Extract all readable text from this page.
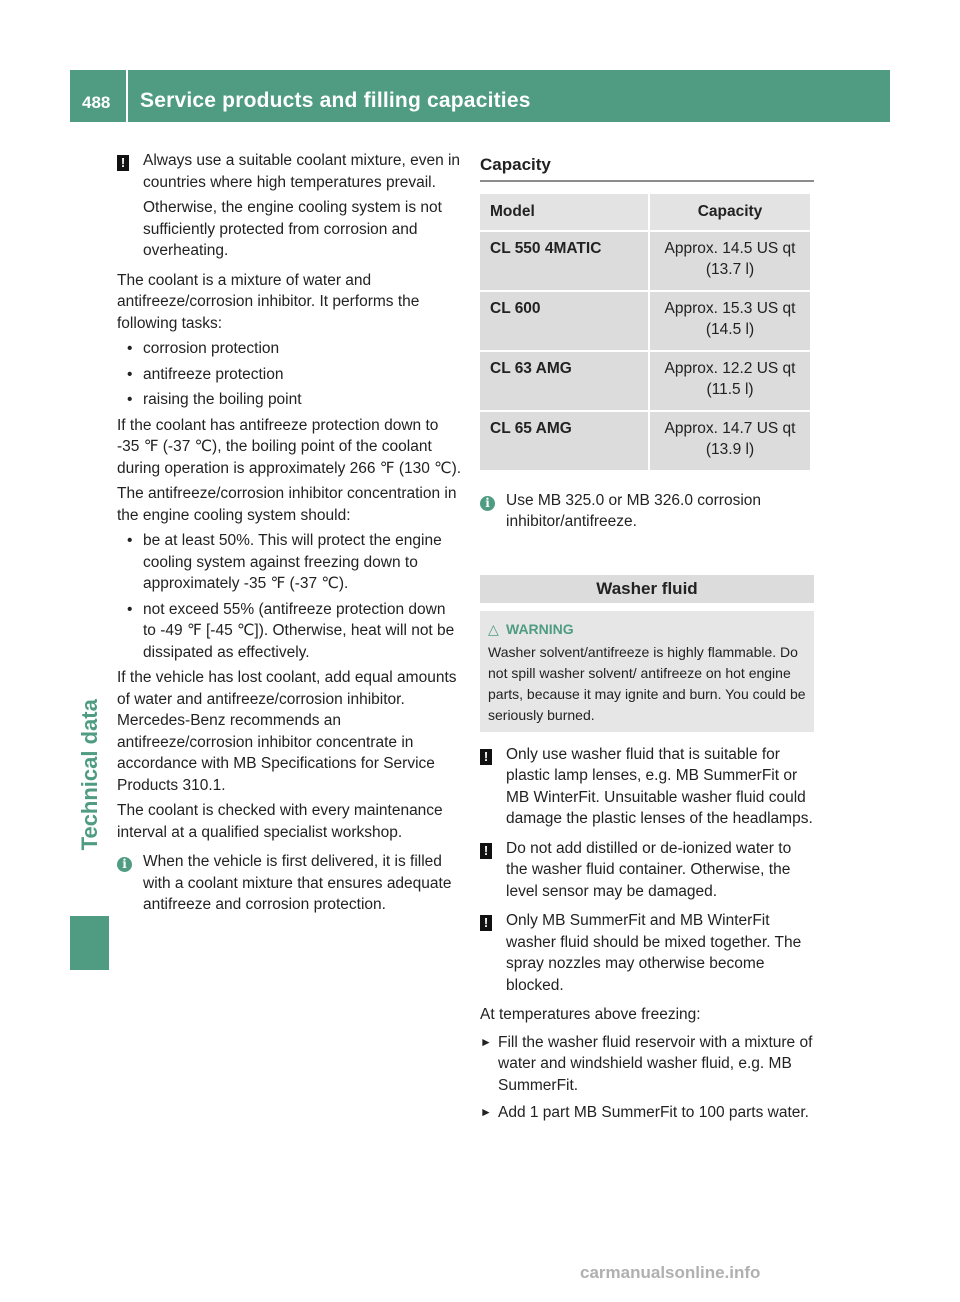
488 Service products and filling capacities
Technical data
! Always use a suitable coolant mixture, even in countries where high temperatures prevail.

Otherwise, the engine cooling system is not sufficiently protected from corrosion and overheating.

The coolant is a mixture of water and antifreeze/corrosion inhibitor. It performs the following tasks:

• corrosion protection
• antifreeze protection
• raising the boiling point

If the coolant has antifreeze protection down to -35 ℉ (-37 ℃), the boiling point of the coolant during operation is approximately 266 ℉ (130 ℃).

The antifreeze/corrosion inhibitor concentration in the engine cooling system should:

• be at least 50%. This will protect the engine cooling system against freezing down to approximately -35 ℉ (-37 ℃).
• not exceed 55% (antifreeze protection down to -49 ℉ [-45 ℃]). Otherwise, heat will not be dissipated as effectively.

If the vehicle has lost coolant, add equal amounts of water and antifreeze/corrosion inhibitor. Mercedes-Benz recommends an antifreeze/corrosion inhibitor concentrate in accordance with MB Specifications for Service Products 310.1.

The coolant is checked with every maintenance interval at a qualified specialist workshop.

i	When the vehicle is first delivered, it is filled with a coolant mixture that ensures adequate antifreeze and corrosion protection.

Capacity
Model	Capacity
CL 550 4MATIC	Approx. 14.5 US qt (13.7 l)
CL 600	Approx. 15.3 US qt (14.5 l)
CL 63 AMG	Approx. 12.2 US qt (11.5 l)
CL 65 AMG	Approx. 14.7 US qt (13.9 l)
i	Use MB 325.0 or MB 326.0 corrosion inhibitor/antifreeze.

Washer fluid
△ WARNING
Washer solvent/antifreeze is highly flammable. Do not spill washer solvent/ antifreeze on hot engine parts, because it may ignite and burn. You could be seriously burned.
! Only use washer fluid that is suitable for plastic lamp lenses, e.g. MB SummerFit or MB WinterFit. Unsuitable washer fluid could damage the plastic lenses of the headlamps.

! Do not add distilled or de-ionized water to the washer fluid container. Otherwise, the level sensor may be damaged.

! Only MB SummerFit and MB WinterFit washer fluid should be mixed together. The spray nozzles may otherwise become blocked.

At temperatures above freezing:

► Fill the washer fluid reservoir with a mixture of water and windshield washer fluid, e.g. MB SummerFit.
► Add 1 part MB SummerFit to 100 parts water.
carmanualsonline.info
